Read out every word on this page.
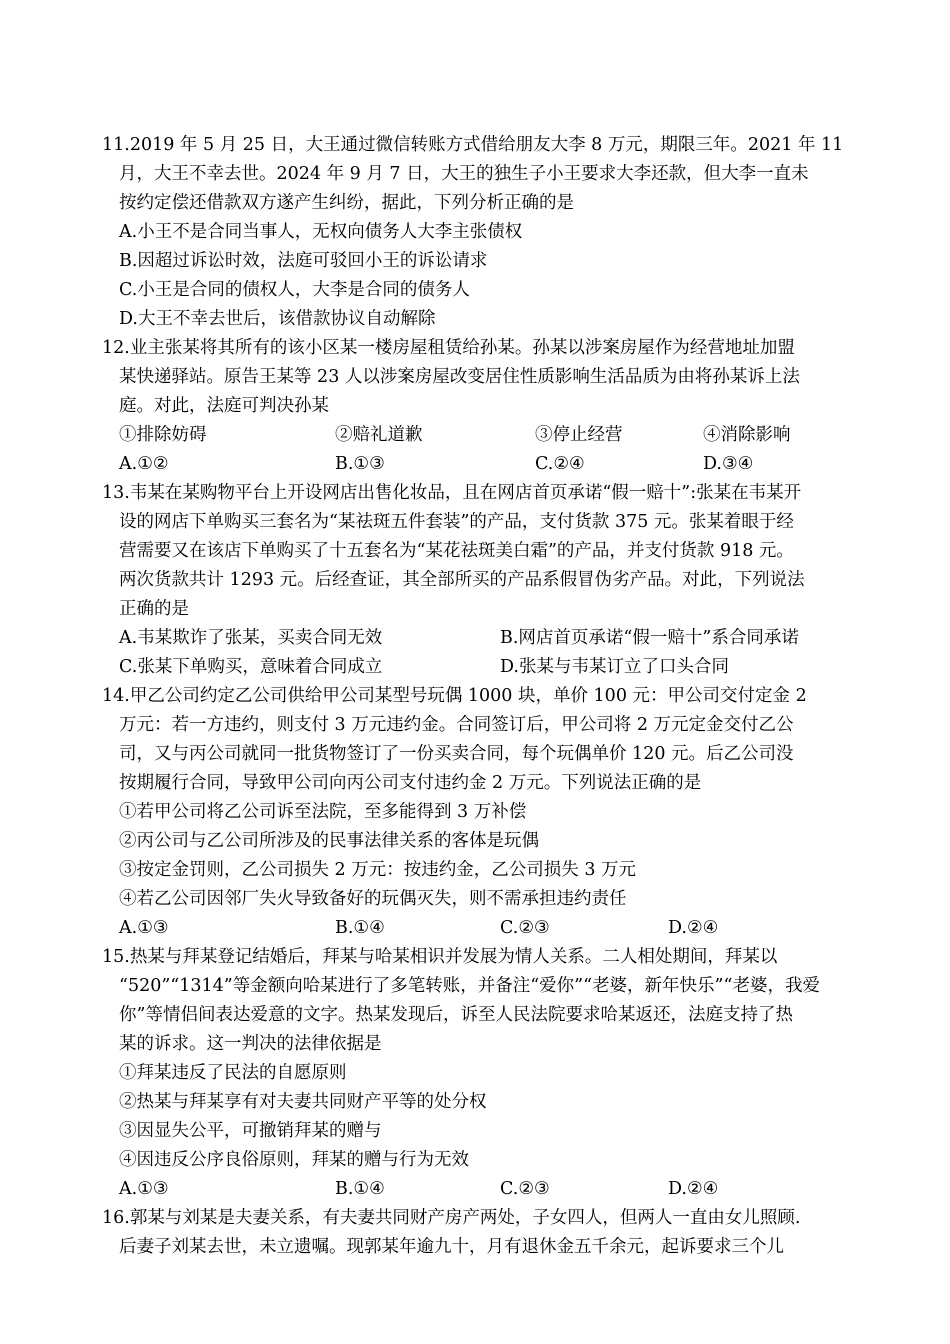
11.2019 年 5 月 25 日，大王通过微信转账方式借给朋友大李 8 万元，期限三年。2021 年 11
月，大王不幸去世。2024 年 9 月 7 日，大王的独生子小王要求大李还款，但大李一直未
按约定偿还借款双方遂产生纠纷，据此，下列分析正确的是
A.小王不是合同当事人，无权向债务人大李主张债权
B.因超过诉讼时效，法庭可驳回小王的诉讼请求
C.小王是合同的债权人，大李是合同的债务人
D.大王不幸去世后，该借款协议自动解除
12.业主张某将其所有的该小区某一楼房屋租赁给孙某。孙某以涉案房屋作为经营地址加盟
某快递驿站。原告王某等 23 人以涉案房屋改变居住性质影响生活品质为由将孙某诉上法
庭。对此，法庭可判决孙某
①排除妨碍	②赔礼道歉	③停止经营	④消除影响
A.①②	B.①③	C.②④	D.③④
13.韦某在某购物平台上开设网店出售化妆品，且在网店首页承诺“假一赔十”:张某在韦某开
设的网店下单购买三套名为“某祛斑五件套装”的产品，支付货款 375 元。张某着眼于经
营需要又在该店下单购买了十五套名为“某花祛斑美白霜”的产品，并支付货款 918 元。
两次货款共计 1293 元。后经查证，其全部所买的产品系假冒伪劣产品。对此，下列说法
正确的是
A.韦某欺诈了张某，买卖合同无效	B.网店首页承诺“假一赔十”系合同承诺
C.张某下单购买，意味着合同成立	D.张某与韦某订立了口头合同
14.甲乙公司约定乙公司供给甲公司某型号玩偶 1000 块，单价 100 元：甲公司交付定金 2
万元：若一方违约，则支付 3 万元违约金。合同签订后，甲公司将 2 万元定金交付乙公
司，又与丙公司就同一批货物签订了一份买卖合同，每个玩偶单价 120 元。后乙公司没
按期履行合同，导致甲公司向丙公司支付违约金 2 万元。下列说法正确的是
①若甲公司将乙公司诉至法院，至多能得到 3 万补偿
②丙公司与乙公司所涉及的民事法律关系的客体是玩偶
③按定金罚则，乙公司损失 2 万元：按违约金，乙公司损失 3 万元
④若乙公司因邻厂失火导致备好的玩偶灭失，则不需承担违约责任
A.①③	B.①④	C.②③	D.②④
15.热某与拜某登记结婚后，拜某与哈某相识并发展为情人关系。二人相处期间，拜某以
“520”“1314”等金额向哈某进行了多笔转账，并备注“爱你”“老婆，新年快乐”“老婆，我爱
你”等情侣间表达爱意的文字。热某发现后，诉至人民法院要求哈某返还，法庭支持了热
某的诉求。这一判决的法律依据是
①拜某违反了民法的自愿原则
②热某与拜某享有对夫妻共同财产平等的处分权
③因显失公平，可撤销拜某的赠与
④因违反公序良俗原则，拜某的赠与行为无效
A.①③	B.①④	C.②③	D.②④
16.郭某与刘某是夫妻关系，有夫妻共同财产房产两处，子女四人，但两人一直由女儿照顾.
后妻子刘某去世，未立遗嘱。现郭某年逾九十，月有退休金五千余元，起诉要求三个儿
